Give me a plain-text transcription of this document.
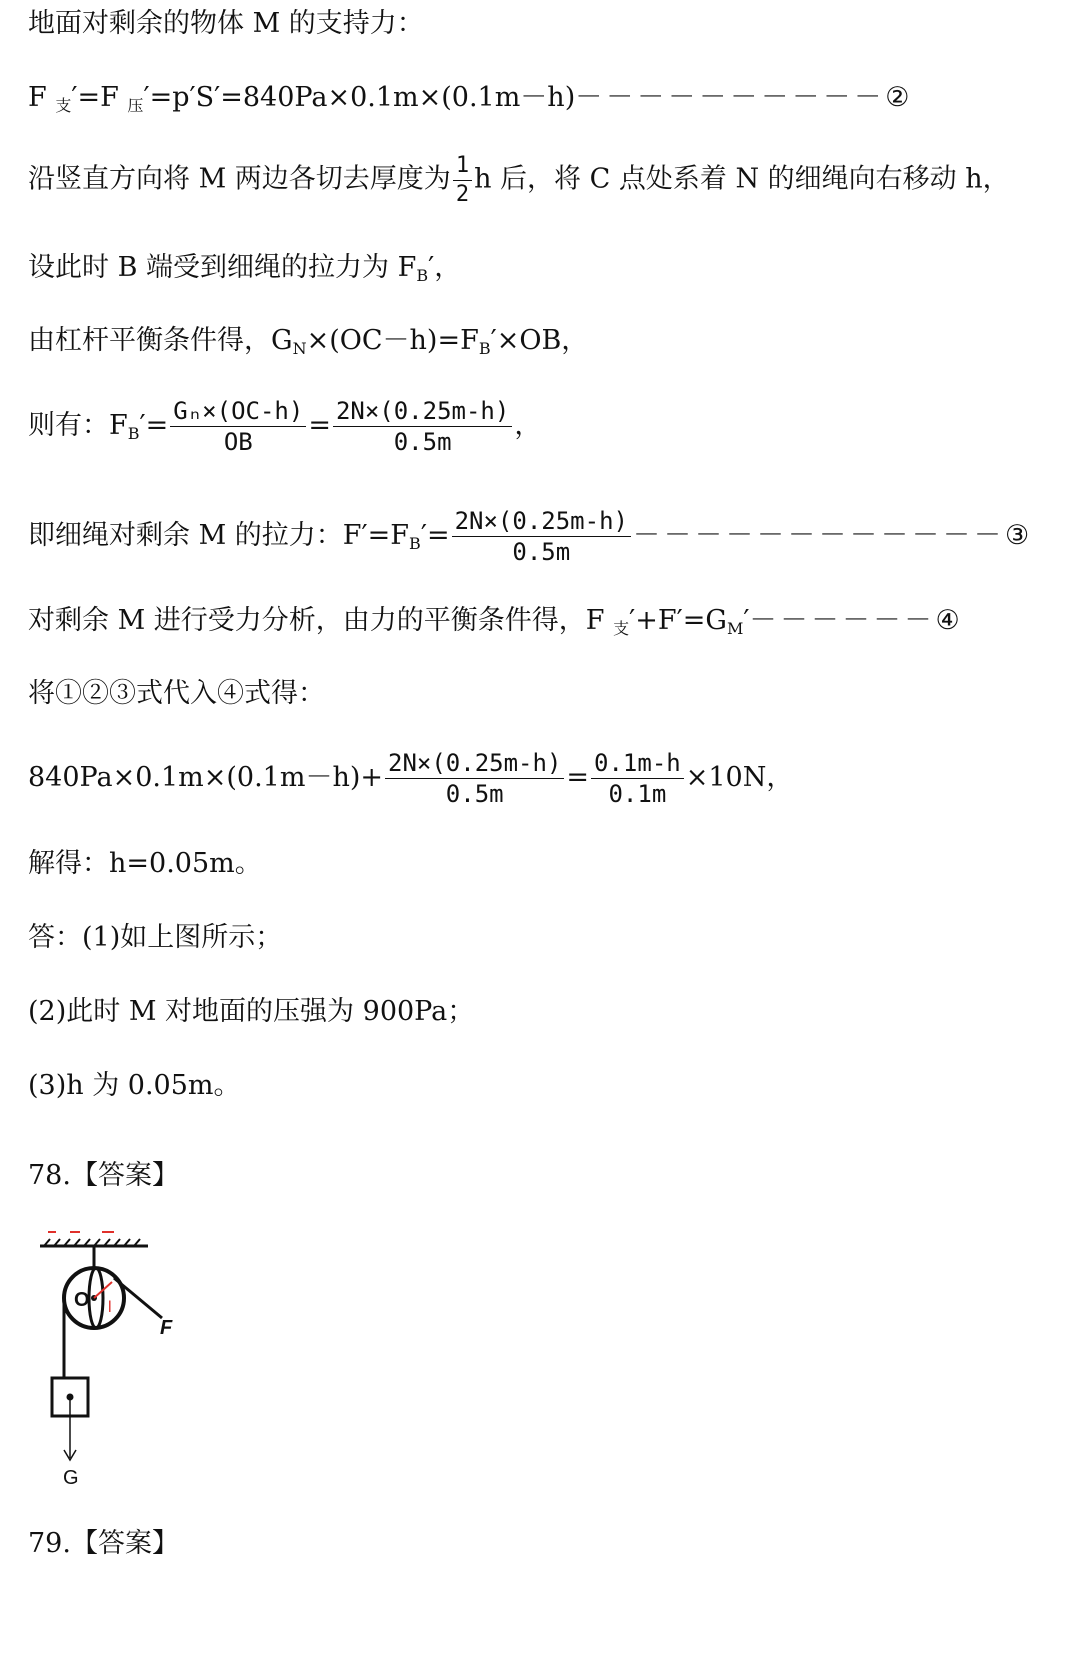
地面对剩余的物体 M 的支持力：
F $_支$′=F $_压$′=p′S′=840Pa×0.1m×(0.1m－h)－－－－－－－－－－②
沿竖直方向将 M 两边各切去厚度为 $\frac{1}{2}$ h 后，将 C 点处系着 N 的细绳向右移动 h，
设此时 B 端受到细绳的拉力为 $F_B'$，
由杠杆平衡条件得，$G_N\times(OC-h)=F_B'\times OB$，
则有：$F_B'= \frac{\text{Gₙ×(OC-h)}}{OB} = \frac{2N\times(0.25m-h)}{0.5m}$ ，
即细绳对剩余 M 的拉力：$F'=F_B'= \frac{2N\times(0.25m-h)}{0.5m}$ －－－－－－－－－－－－③
对剩余 M 进行受力分析，由力的平衡条件得，F $_支'+F'=G_M'------④$
将①②③式代入④式得：
$840Pa\times 0.1m\times(0.1m-h)+ \frac{2N\times(0.25m-h)}{0.5m} = \frac{0.1m-h}{0.1m} \times 10N$，
解得：h=0.05m。
答：(1)如上图所示；
(2)此时 M 对地面的压强为 900Pa；
(3)h 为 0.05m。
78.【答案】
O l
F
G
79.【答案】
